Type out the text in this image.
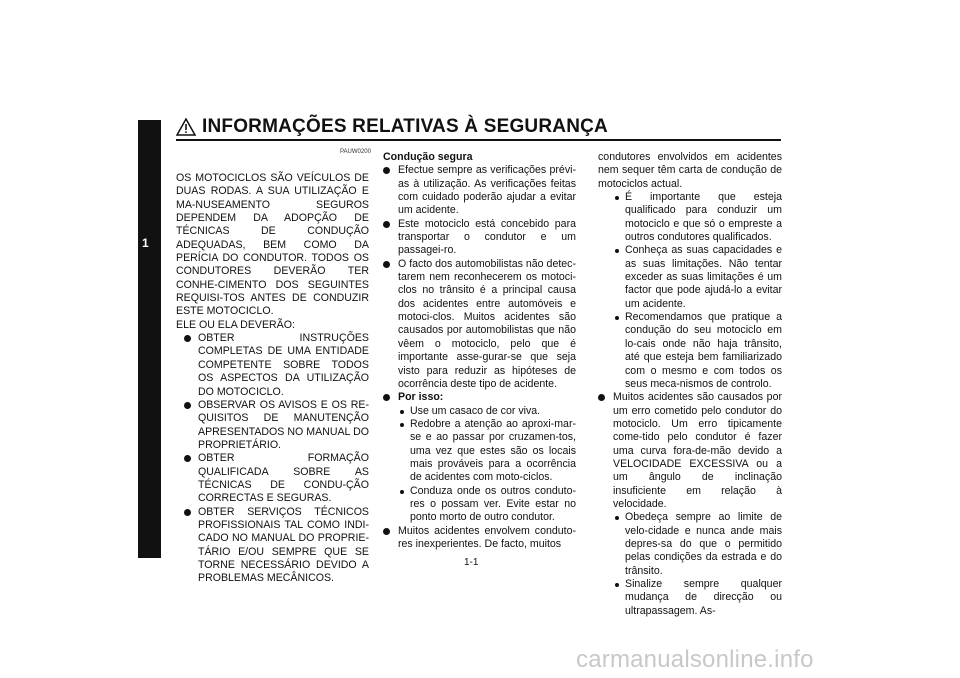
INFORMAÇÕES RELATIVAS À SEGURANÇA
1
PAUW0200

OS MOTOCICLOS SÃO VEÍCULOS DE DUAS RODAS. A SUA UTILIZAÇÃO E MA-NUSEAMENTO SEGUROS DEPENDEM DA ADOPÇÃO DE TÉCNICAS DE CONDUÇÃO ADEQUADAS, BEM COMO DA PERÍCIA DO CONDUTOR. TODOS OS CONDUTORES DEVERÃO TER CONHE-CIMENTO DOS SEGUINTES REQUISI-TOS ANTES DE CONDUZIR ESTE MOTOCICLO.

ELE OU ELA DEVERÃO:

OBTER INSTRUÇÕES COMPLETAS DE UMA ENTIDADE COMPETENTE SOBRE TODOS OS ASPECTOS DA UTILIZAÇÃO DO MOTOCICLO.
OBSERVAR OS AVISOS E OS RE-QUISITOS DE MANUTENÇÃO APRESENTADOS NO MANUAL DO PROPRIETÁRIO.
OBTER FORMAÇÃO QUALIFICADA SOBRE AS TÉCNICAS DE CONDU-ÇÃO CORRECTAS E SEGURAS.
OBTER SERVIÇOS TÉCNICOS PROFISSIONAIS TAL COMO INDI-CADO NO MANUAL DO PROPRIE-TÁRIO E/OU SEMPRE QUE SE TORNE NECESSÁRIO DEVIDO A PROBLEMAS MECÂNICOS.

Condução segura

Efectue sempre as verificações prévi-as à utilização. As verificações feitas com cuidado poderão ajudar a evitar um acidente.
Este motociclo está concebido para transportar o condutor e um passagei-ro.
O facto dos automobilistas não detec-tarem nem reconhecerem os motoci-clos no trânsito é a principal causa dos acidentes entre automóveis e motoci-clos. Muitos acidentes são causados por automobilistas que não vêem o motociclo, pelo que é importante asse-gurar-se que seja visto para reduzir as hipóteses de ocorrência deste tipo de acidente.
Por isso:
Use um casaco de cor viva.
Redobre a atenção ao aproxi-mar-se e ao passar por cruzamen-tos, uma vez que estes são os locais mais prováveis para a ocorrência de acidentes com moto-ciclos.
Conduza onde os outros conduto-res o possam ver. Evite estar no ponto morto de outro condutor.
Muitos acidentes envolvem conduto-res inexperientes. De facto, muitos

condutores envolvidos em acidentes nem sequer têm carta de condução de motociclos actual.

É importante que esteja qualificado para conduzir um motociclo e que só o empreste a outros condutores qualificados.
Conheça as suas capacidades e as suas limitações. Não tentar exceder as suas limitações é um factor que pode ajudá-lo a evitar um acidente.
Recomendamos que pratique a condução do seu motociclo em lo-cais onde não haja trânsito, até que esteja bem familiarizado com o mesmo e com todos os seus meca-nismos de controlo.
Muitos acidentes são causados por um erro cometido pelo condutor do motociclo. Um erro tipicamente come-tido pelo condutor é fazer uma curva fora-de-mão devido a VELOCIDADE EXCESSIVA ou a um ângulo de inclinação insuficiente em relação à velocidade.
Obedeça sempre ao limite de velo-cidade e nunca ande mais depres-sa do que o permitido pelas condições da estrada e do trânsito.
Sinalize sempre qualquer mudança de direcção ou ultrapassagem. As-
1-1
carmanualsonline.info
